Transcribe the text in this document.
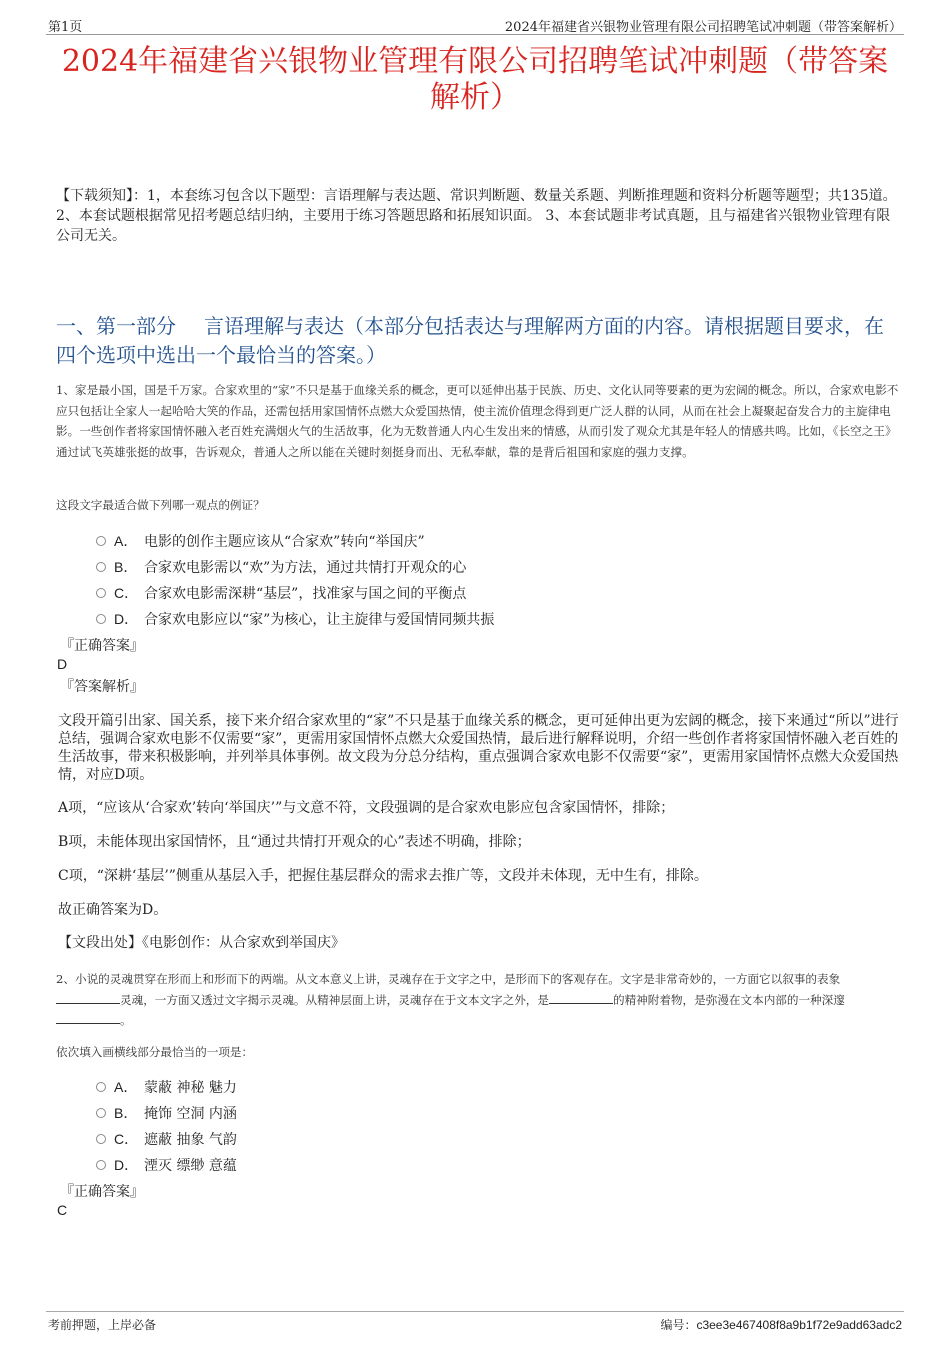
第1页	2024年福建省兴银物业管理有限公司招聘笔试冲刺题（带答案解析）
2024年福建省兴银物业管理有限公司招聘笔试冲刺题（带答案解析）

【下载须知】：1，本套练习包含以下题型：言语理解与表达题、常识判断题、数量关系题、判断推理题和资料分析题等题型；共135道。 2、本套试题根据常见招考题总结归纳，主要用于练习答题思路和拓展知识面。 3、本套试题非考试真题，且与福建省兴银物业管理有限公司无关。

一、第一部分 言语理解与表达（本部分包括表达与理解两方面的内容。请根据题目要求，在四个选项中选出一个最恰当的答案。）

1、家是最小国，国是千万家。合家欢里的“家”不只是基于血缘关系的概念，更可以延伸出基于民族、历史、文化认同等要素的更为宏阔的概念。所以，合家欢电影不应只包括让全家人一起哈哈大笑的作品，还需包括用家国情怀点燃大众爱国热情，使主流价值理念得到更广泛人群的认同，从而在社会上凝聚起奋发合力的主旋律电影。一些创作者将家国情怀融入老百姓充满烟火气的生活故事，化为无数普通人内心生发出来的情感，从而引发了观众尤其是年轻人的情感共鸣。比如，《长空之王》通过试飞英雄张挺的故事，告诉观众，普通人之所以能在关键时刻挺身而出、无私奉献，靠的是背后祖国和家庭的强力支撑。

这段文字最适合做下列哪一观点的例证？

A． 电影的创作主题应该从“合家欢”转向“举国庆”
B． 合家欢电影需以“欢”为方法，通过共情打开观众的心
C． 合家欢电影需深耕“基层”，找准家与国之间的平衡点
D． 合家欢电影应以“家”为核心，让主旋律与爱国情同频共振
『正确答案』
D
『答案解析』

文段开篇引出家、国关系，接下来介绍合家欢里的“家”不只是基于血缘关系的概念，更可延伸出更为宏阔的概念，接下来通过“所以”进行总结，强调合家欢电影不仅需要“家”，更需用家国情怀点燃大众爱国热情，最后进行解释说明，介绍一些创作者将家国情怀融入老百姓的生活故事，带来积极影响，并列举具体事例。故文段为分总分结构，重点强调合家欢电影不仅需要“家”，更需用家国情怀点燃大众爱国热情，对应D项。

A项，“应该从‘合家欢’转向‘举国庆’”与文意不符，文段强调的是合家欢电影应包含家国情怀，排除；

B项，未能体现出家国情怀，且“通过共情打开观众的心”表述不明确，排除；

C项，“深耕‘基层’”侧重从基层入手，把握住基层群众的需求去推广等，文段并未体现，无中生有，排除。

故正确答案为D。

【文段出处】《电影创作：从合家欢到举国庆》

2、小说的灵魂贯穿在形而上和形而下的两端。从文本意义上讲，灵魂存在于文字之中，是形而下的客观存在。文字是非常奇妙的，一方面它以叙事的表象灵魂，一方面又透过文字揭示灵魂。从精神层面上讲，灵魂存在于文本文字之外，是	的精神附着物，是弥漫在文本内部的一种深邃。

依次填入画横线部分最恰当的一项是：

A． 蒙蔽 神秘 魅力
B． 掩饰 空洞 内涵
C． 遮蔽 抽象 气韵
D． 湮灭 缥缈 意蕴
『正确答案』
C
考前押题，上岸必备	编号：c3ee3e467408f8a9b1f72e9add63adc2
